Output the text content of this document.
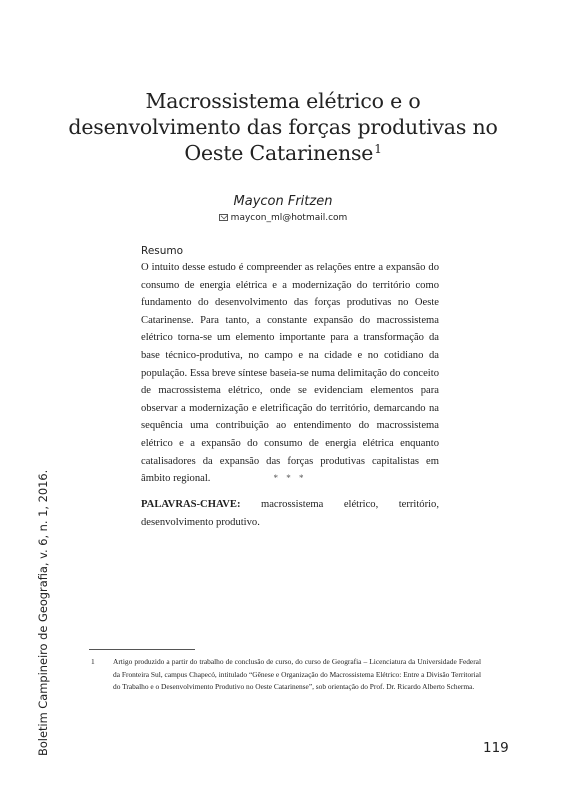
Macrossistema elétrico e o desenvolvimento das forças produtivas no Oeste Catarinense$^1$
Maycon Fritzen
maycon_ml@hotmail.com
Resumo

O intuito desse estudo é compreender as relações entre a expansão do consumo de energia elétrica e a modernização do território como fundamento do desenvolvimento das forças produtivas no Oeste Catarinense. Para tanto, a constante expansão do macrossistema elétrico torna-se um elemento importante para a transformação da base técnico-produtiva, no campo e na cidade e no cotidiano da população. Essa breve síntese baseia-se numa delimitação do conceito de macrossistema elétrico, onde se evidenciam elementos para observar a modernização e eletrificação do território, demarcando na sequência uma contribuição ao entendimento do macrossistema elétrico e a expansão do consumo de energia elétrica enquanto catalisadores da expansão das forças produtivas capitalistas em âmbito regional.	* * *

PALAVRAS-CHAVE: macrossistema elétrico, território, desenvolvimento produtivo.

1	Artigo produzido a partir do trabalho de conclusão de curso, do curso de Geografia – Licenciatura da Universidade Federal da Fronteira Sul, campus Chapecó, intitulado “Gênese e Organização do Macrossistema Elétrico: Entre a Divisão Territorial do Trabalho e o Desenvolvimento Produtivo no Oeste Catarinense”, sob orientação do Prof. Dr. Ricardo Alberto Scherma.

Boletim Campineiro de Geografia, v. 6, n. 1, 2016.	119
